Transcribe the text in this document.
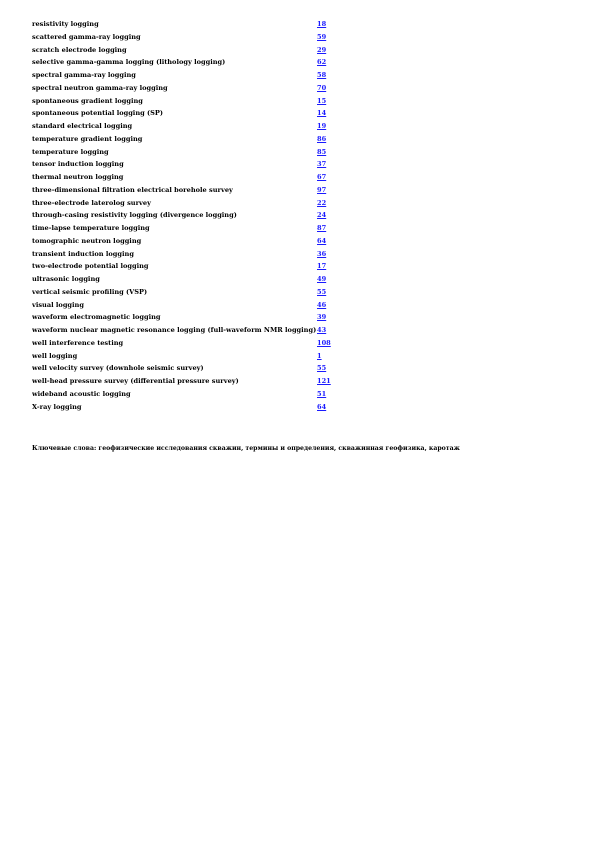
resistivity logging	18
scattered gamma-ray logging	59
scratch electrode logging	29
selective gamma-gamma logging (lithology logging)	62
spectral gamma-ray logging	58
spectral neutron gamma-ray logging	70
spontaneous gradient logging	15
spontaneous potential logging (SP)	14
standard electrical logging	19
temperature gradient logging	86
temperature logging	85
tensor induction logging	37
thermal neutron logging	67
three-dimensional filtration electrical borehole survey	97
three-electrode laterolog survey	22
through-casing resistivity logging (divergence logging)	24
time-lapse temperature logging	87
tomographic neutron logging	64
transient induction logging	36
two-electrode potential logging	17
ultrasonic logging	49
vertical seismic profiling (VSP)	55
visual logging	46
waveform electromagnetic logging	39
waveform nuclear magnetic resonance logging (full-waveform NMR logging) 43
well interference testing	108
well logging	1
well velocity survey (downhole seismic survey)	55
well-head pressure survey (differential pressure survey)	121
wideband acoustic logging	51
X-ray logging	64
Ключевые слова: геофизические исследования скважин, термины и определения, скважинная геофизика, каротаж
